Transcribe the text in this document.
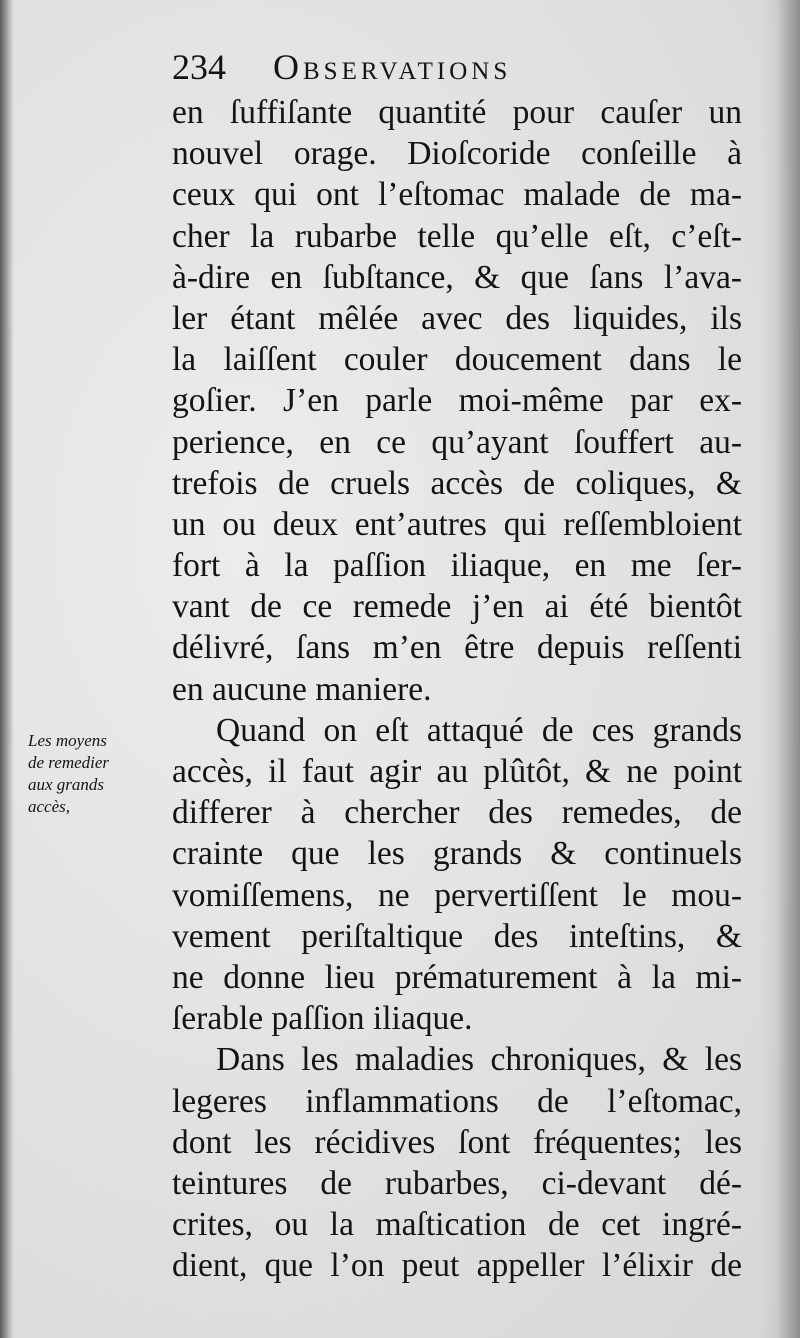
234 Observations
Les moyens
de remedier
aux grands
accès,
en ſuffiſante quantité pour cauſer un
nouvel orage. Dioſcoride conſeille à
ceux qui ont l’eſtomac malade de ma-
cher la rubarbe telle qu’elle eſt, c’eſt-
à-dire en ſubſtance, & que ſans l’ava-
ler étant mêlée avec des liquides, ils
la laiſſent couler doucement dans le
goſier. J’en parle moi-même par ex-
perience, en ce qu’ayant ſouffert au-
trefois de cruels accès de coliques, &
un ou deux ent’autres qui reſſembloient
fort à la paſſion iliaque, en me ſer-
vant de ce remede j’en ai été bientôt
délivré, ſans m’en être depuis reſſenti
en aucune maniere.
Quand on eſt attaqué de ces grands
accès, il faut agir au plûtôt, & ne point
differer à chercher des remedes, de
crainte que les grands & continuels
vomiſſemens, ne pervertiſſent le mou-
vement periſtaltique des inteſtins, &
ne donne lieu prématurement à la mi-
ſerable paſſion iliaque.
Dans les maladies chroniques, & les
legeres inflammations de l’eſtomac,
dont les récidives ſont fréquentes; les
teintures de rubarbes, ci-devant dé-
crites, ou la maſtication de cet ingré-
dient, que l’on peut appeller l’élixir de
